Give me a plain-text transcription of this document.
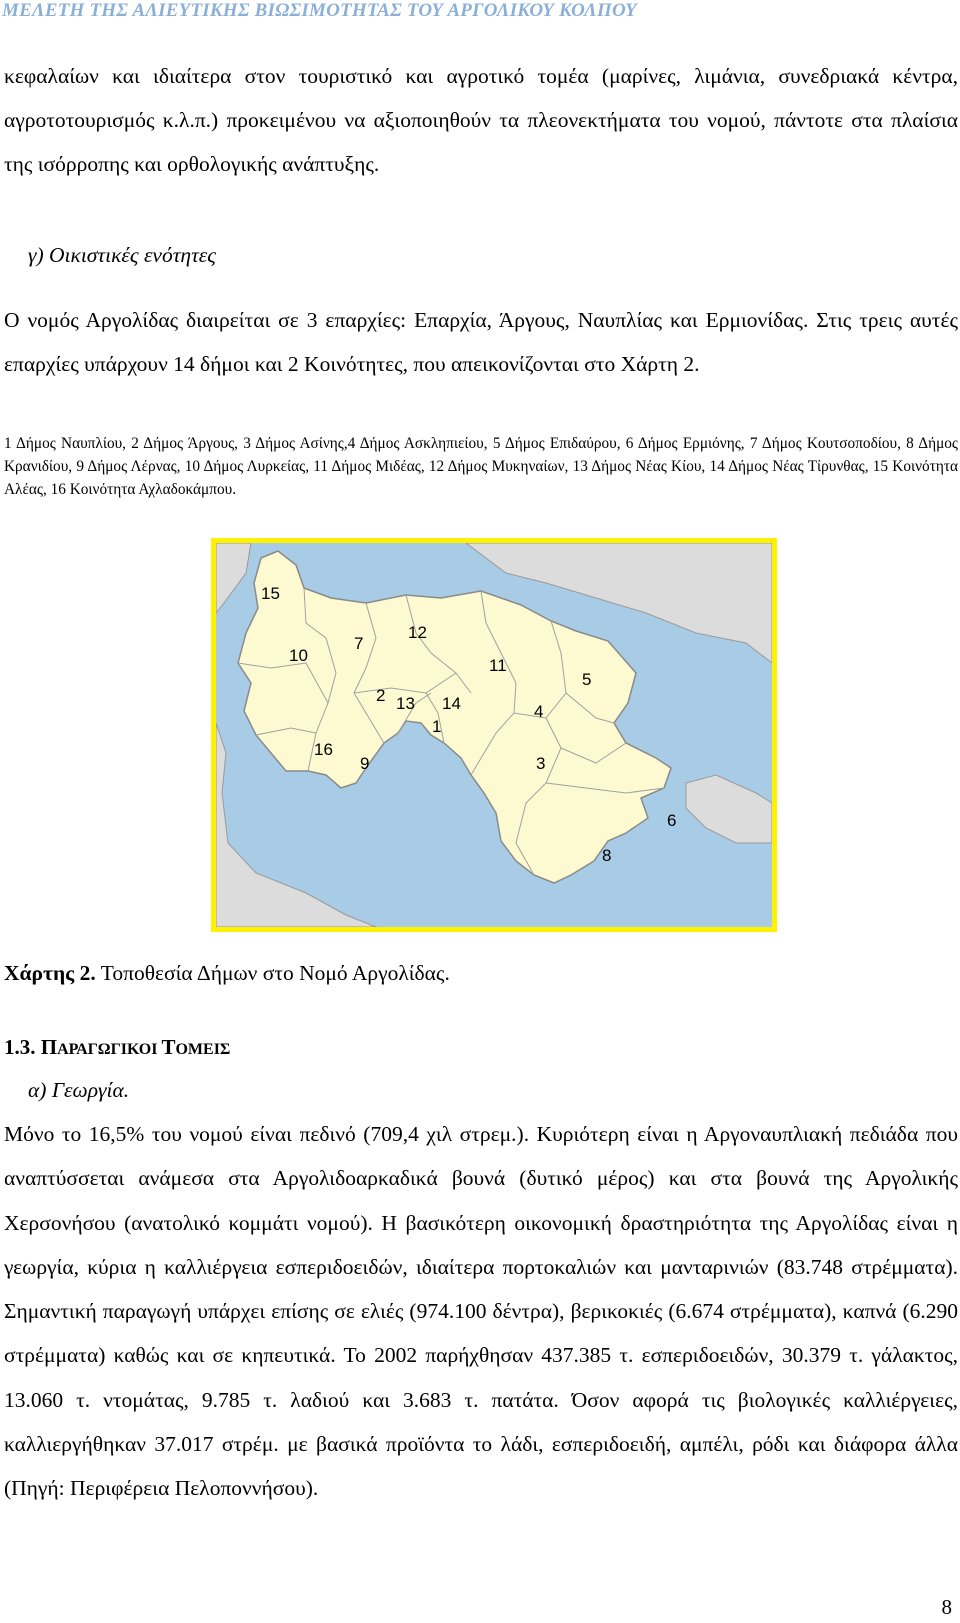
ΜΕΛΕΤΗ ΤΗΣ ΑΛΙΕΥΤΙΚΗΣ ΒΙΩΣΙΜΟΤΗΤΑΣ ΤΟΥ ΑΡΓΟΛΙΚΟΥ ΚΟΛΠΟΥ

κεφαλαίων και ιδιαίτερα στον τουριστικό και αγροτικό τομέα (μαρίνες, λιμάνια, συνεδριακά κέντρα, αγροτοτουρισμός κ.λ.π.) προκειμένου να αξιοποιηθούν τα πλεονεκτήματα του νομού, πάντοτε στα πλαίσια της ισόρροπης και ορθολογικής ανάπτυξης.

γ) Οικιστικές ενότητες

Ο νομός Αργολίδας διαιρείται σε 3 επαρχίες: Επαρχία, Άργους, Ναυπλίας και Ερμιονίδας. Στις τρεις αυτές επαρχίες υπάρχουν 14 δήμοι και 2 Κοινότητες, που απεικονίζονται στο Χάρτη 2.

1 Δήμος Ναυπλίου, 2 Δήμος Άργους, 3 Δήμος Ασίνης,4 Δήμος Ασκληπιείου, 5 Δήμος Επιδαύρου, 6 Δήμος Ερμιόνης, 7 Δήμος Κουτσοποδίου, 8 Δήμος Κρανιδίου, 9 Δήμος Λέρνας, 10 Δήμος Λυρκείας, 11 Δήμος Μιδέας, 12 Δήμος Μυκηναίων, 13 Δήμος Νέας Κίου, 14 Δήμος Νέας Τίρυνθας, 15 Κοινότητα Αλέας, 16 Κοινότητα Αχλαδοκάμπου.

15
7
12
10
11
5
2 13 14
1
4
16
9	3
8
6

Χάρτης 2. Τοποθεσία Δήμων στο Νομό Αργολίδας.

1.3. ΠΑΡΑΓΩΓΙΚΟΙ ΤΟΜΕΙΣ

α) Γεωργία.

Μόνο το 16,5% του νομού είναι πεδινό (709,4 χιλ στρεμ.). Κυριότερη είναι η Αργοναυπλιακή πεδιάδα που αναπτύσσεται ανάμεσα στα Αργολιδοαρκαδικά βουνά (δυτικό μέρος) και στα βουνά της Αργολικής Χερσονήσου (ανατολικό κομμάτι νομού). Η βασικότερη οικονομική δραστηριότητα της Αργολίδας είναι η γεωργία, κύρια η καλλιέργεια εσπεριδοειδών, ιδιαίτερα πορτοκαλιών και μανταρινιών (83.748 στρέμματα). Σημαντική παραγωγή υπάρχει επίσης σε ελιές (974.100 δέντρα), βερικοκιές (6.674 στρέμματα), καπνά (6.290 στρέμματα) καθώς και σε κηπευτικά. Το 2002 παρήχθησαν 437.385 τ. εσπεριδοειδών, 30.379 τ. γάλακτος, 13.060 τ. ντομάτας, 9.785 τ. λαδιού και 3.683 τ. πατάτα. Όσον αφορά τις βιολογικές καλλιέργειες, καλλιεργήθηκαν 37.017 στρέμ. με βασικά προϊόντα το λάδι, εσπεριδοειδή, αμπέλι, ρόδι και διάφορα άλλα (Πηγή: Περιφέρεια Πελοποννήσου).

8
